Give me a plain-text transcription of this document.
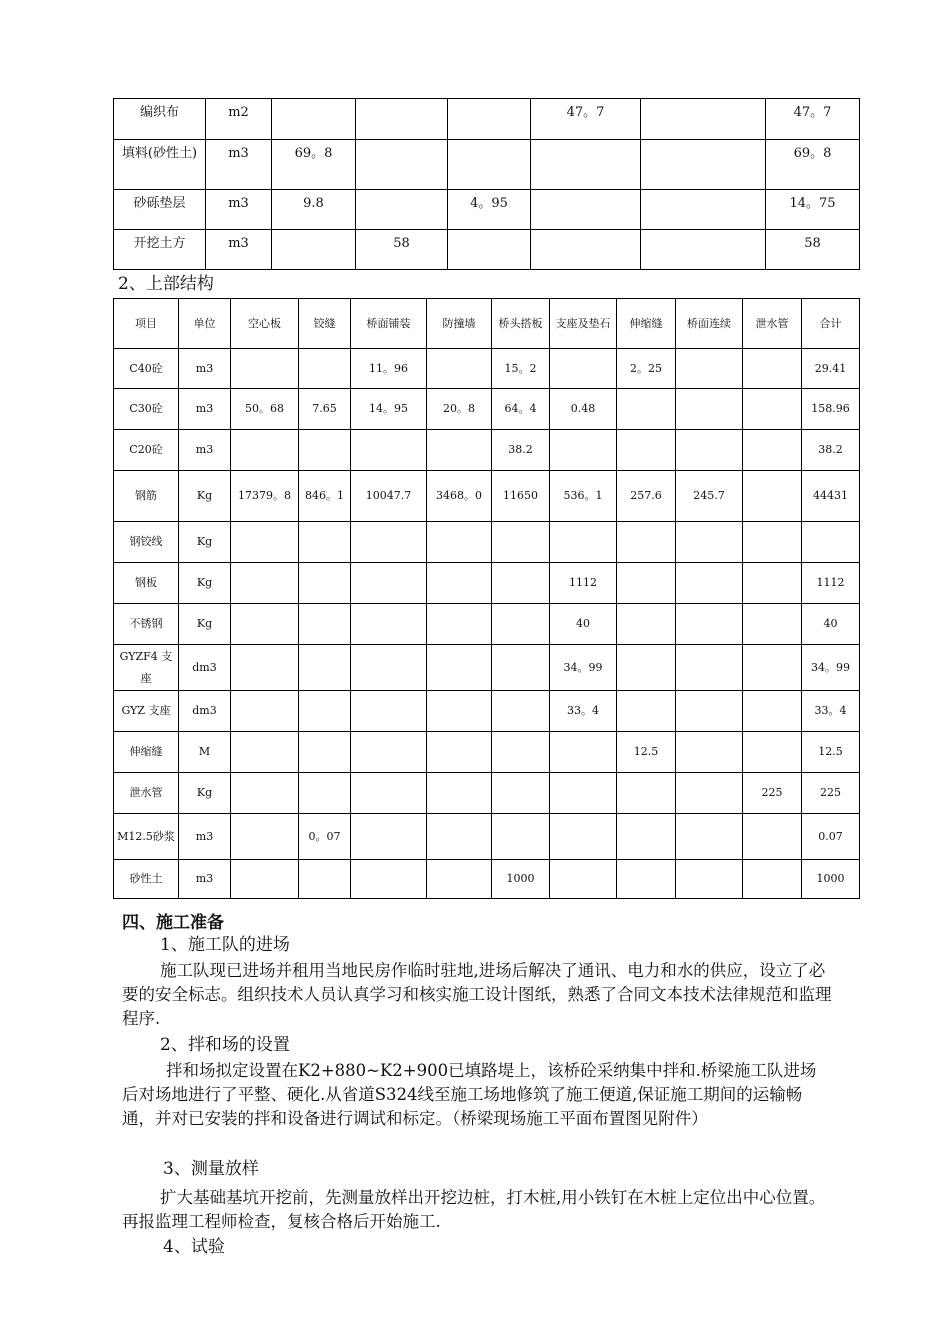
编织布	m2				47。7		47。7
填料(砂性土)	m3	69。8					69。8
砂砾垫层	m3	9.8		4。95			14。75
开挖土方	m3		58				58
2、上部结构
项目	单位	空心板	铰缝	桥面铺装	防撞墙	桥头搭板	支座及垫石	伸缩缝	桥面连续	泄水管	合计
C40砼	m3			11。96		15。2		2。25			29.41
C30砼	m3	50。68	7.65	14。95	20。8	64。4	0.48				158.96
C20砼	m3					38.2					38.2
钢筋	Kg	17379。8	846。1	10047.7	3468。0	11650	536。1	257.6	245.7		44431
钢铰线	Kg										
钢板	Kg						1112				1112
不锈钢	Kg						40				40
GYZF4 支座	dm3						34。99				34。99
GYZ 支座	dm3						33。4				33。4
伸缩缝	M							12.5			12.5
泄水管	Kg									225	225
M12.5砂浆	m3		0。07								0.07
砂性土	m3					1000					1000
四、施工准备
1、施工队的进场
施工队现已进场并租用当地民房作临时驻地,进场后解决了通讯、电力和水的供应，设立了必要的安全标志。组织技术人员认真学习和核实施工设计图纸，熟悉了合同文本技术法律规范和监理程序.
2、拌和场的设置
拌和场拟定设置在K2+880~K2+900已填路堤上，该桥砼采纳集中拌和.桥梁施工队进场后对场地进行了平整、硬化.从省道S324线至施工场地修筑了施工便道,保证施工期间的运输畅通，并对已安装的拌和设备进行调试和标定。（桥梁现场施工平面布置图见附件）
3、测量放样
扩大基础基坑开挖前，先测量放样出开挖边桩，打木桩,用小铁钉在木桩上定位出中心位置。再报监理工程师检查，复核合格后开始施工.
4、试验
